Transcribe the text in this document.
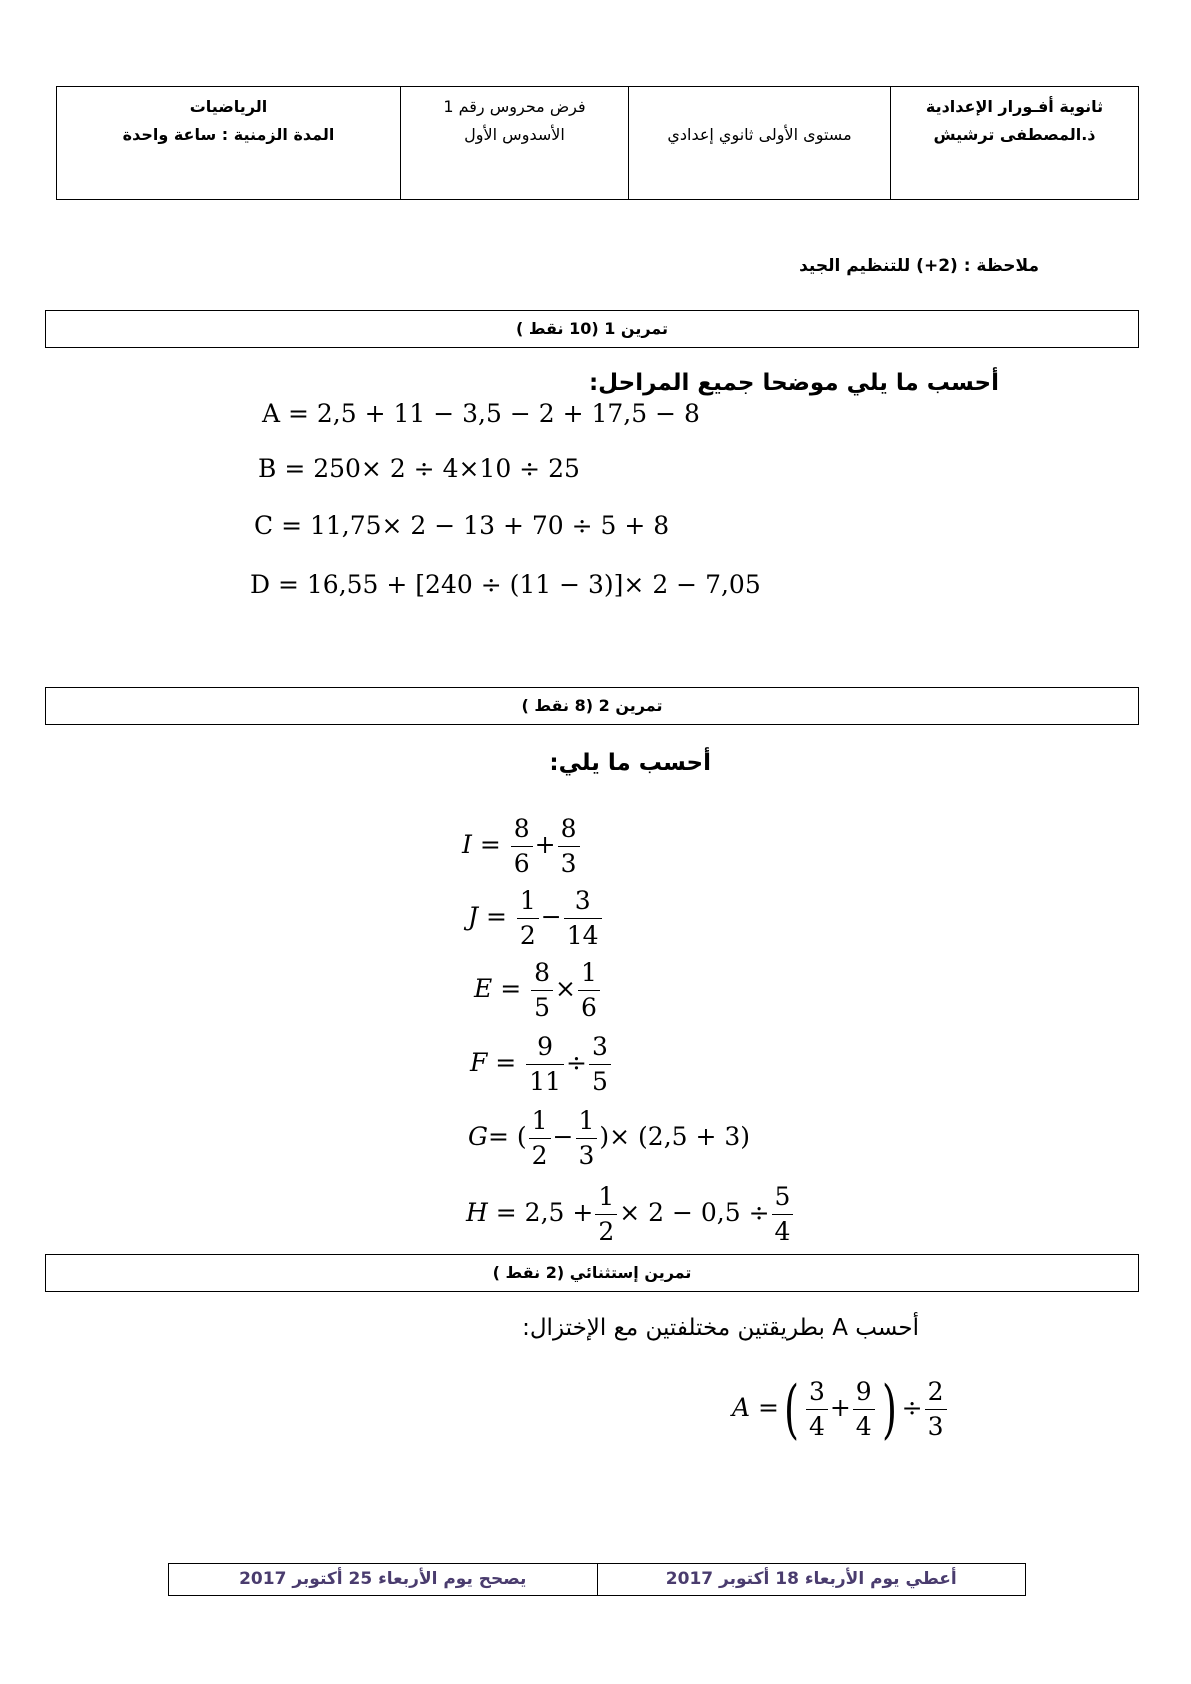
ثانوية أفـورار الإعدادية
ذ.المصطفى ترشيش
مستوى الأولى ثانوي إعدادي
فرض محروس رقم 1
الأسدوس الأول
الرياضيات
المدة الزمنية : ساعة واحدة
ملاحظة : (2+) للتنظيم الجيد
تمرين 1 (10 نقط )
أحسب ما يلي موضحا جميع المراحل:
A = 2,5 + 11 − 3,5 − 2 + 17,5 − 8
B = 250× 2 ÷ 4×10 ÷ 25
C = 11,75× 2 − 13 + 70 ÷ 5 + 8
D = 16,55 + [240 ÷ (11 − 3)]× 2 − 7,05
تمرين 2 (8 نقط )
أحسب ما يلي:
$I = \frac{8}{6} + \frac{8}{3}$
$J = \frac{1}{2} - \frac{3}{14}$
$E = \frac{8}{5} \times \frac{1}{6}$
$F = \frac{9}{11} \div \frac{3}{5}$
G= ( $\frac{1}{2} - \frac{1}{3}$ )× (2,5 + 3)
$H = 2,5 + \frac{1}{2} \times 2 - 0,5 \div \frac{5}{4}$
تمرين إستثنائي (2 نقط )
أحسب A بطريقتين مختلفتين مع الإختزال:
A =( $\frac{3}{4} + \frac{9}{4}$ ) ÷ $\frac{2}{3}$
أعطي يوم الأربعاء 18 أكتوبر 2017
يصحح يوم الأربعاء 25 أكتوبر 2017
